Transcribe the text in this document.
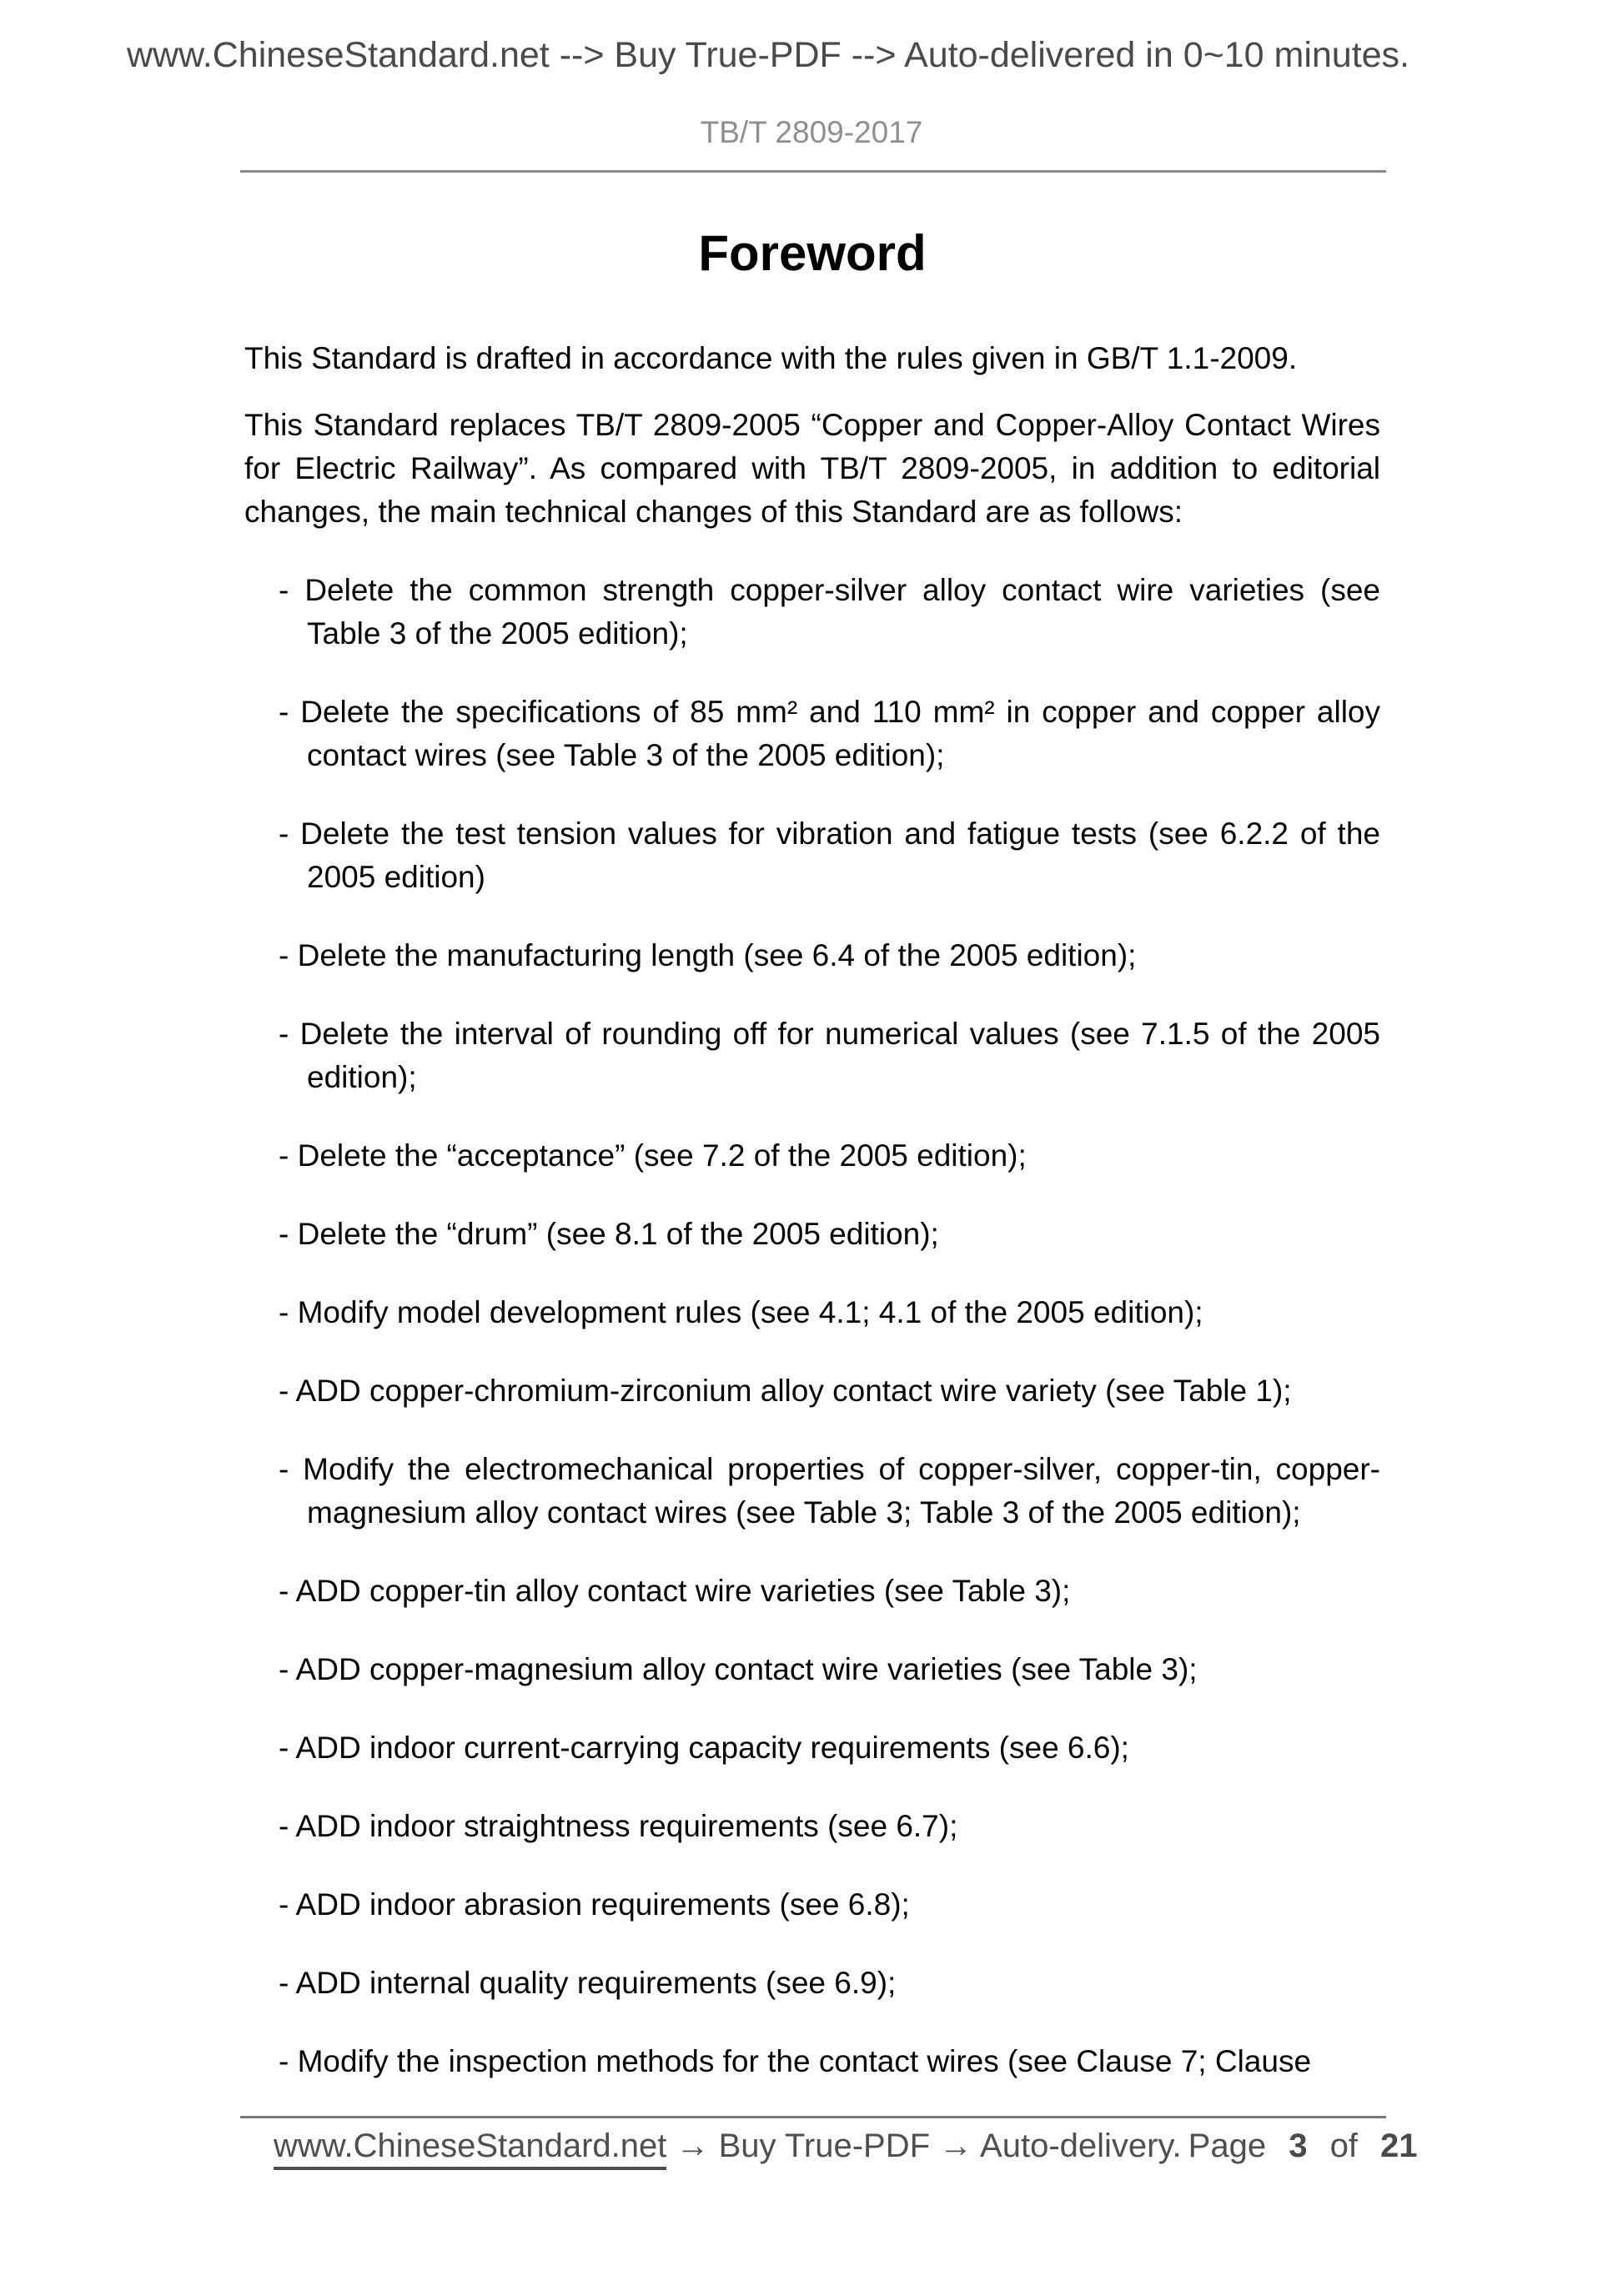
www.ChineseStandard.net --> Buy True-PDF --> Auto-delivered in 0~10 minutes.
TB/T 2809-2017
Foreword

This Standard is drafted in accordance with the rules given in GB/T 1.1-2009.

This Standard replaces TB/T 2809-2005 “Copper and Copper-Alloy Contact Wires for Electric Railway”. As compared with TB/T 2809-2005, in addition to editorial changes, the main technical changes of this Standard are as follows:

- Delete the common strength copper-silver alloy contact wire varieties (see Table 3 of the 2005 edition);
- Delete the specifications of 85 mm² and 110 mm² in copper and copper alloy contact wires (see Table 3 of the 2005 edition);
- Delete the test tension values for vibration and fatigue tests (see 6.2.2 of the 2005 edition)
- Delete the manufacturing length (see 6.4 of the 2005 edition);
- Delete the interval of rounding off for numerical values (see 7.1.5 of the 2005 edition);
- Delete the “acceptance” (see 7.2 of the 2005 edition);
- Delete the “drum” (see 8.1 of the 2005 edition);
- Modify model development rules (see 4.1; 4.1 of the 2005 edition);
- ADD copper-chromium-zirconium alloy contact wire variety (see Table 1);
- Modify the electromechanical properties of copper-silver, copper-tin, copper-magnesium alloy contact wires (see Table 3; Table 3 of the 2005 edition);
- ADD copper-tin alloy contact wire varieties (see Table 3);
- ADD copper-magnesium alloy contact wire varieties (see Table 3);
- ADD indoor current-carrying capacity requirements (see 6.6);
- ADD indoor straightness requirements (see 6.7);
- ADD indoor abrasion requirements (see 6.8);
- ADD internal quality requirements (see 6.9);
- Modify the inspection methods for the contact wires (see Clause 7; Clause
www.ChineseStandard.net → Buy True-PDF → Auto-delivery. Page 3 of 21
